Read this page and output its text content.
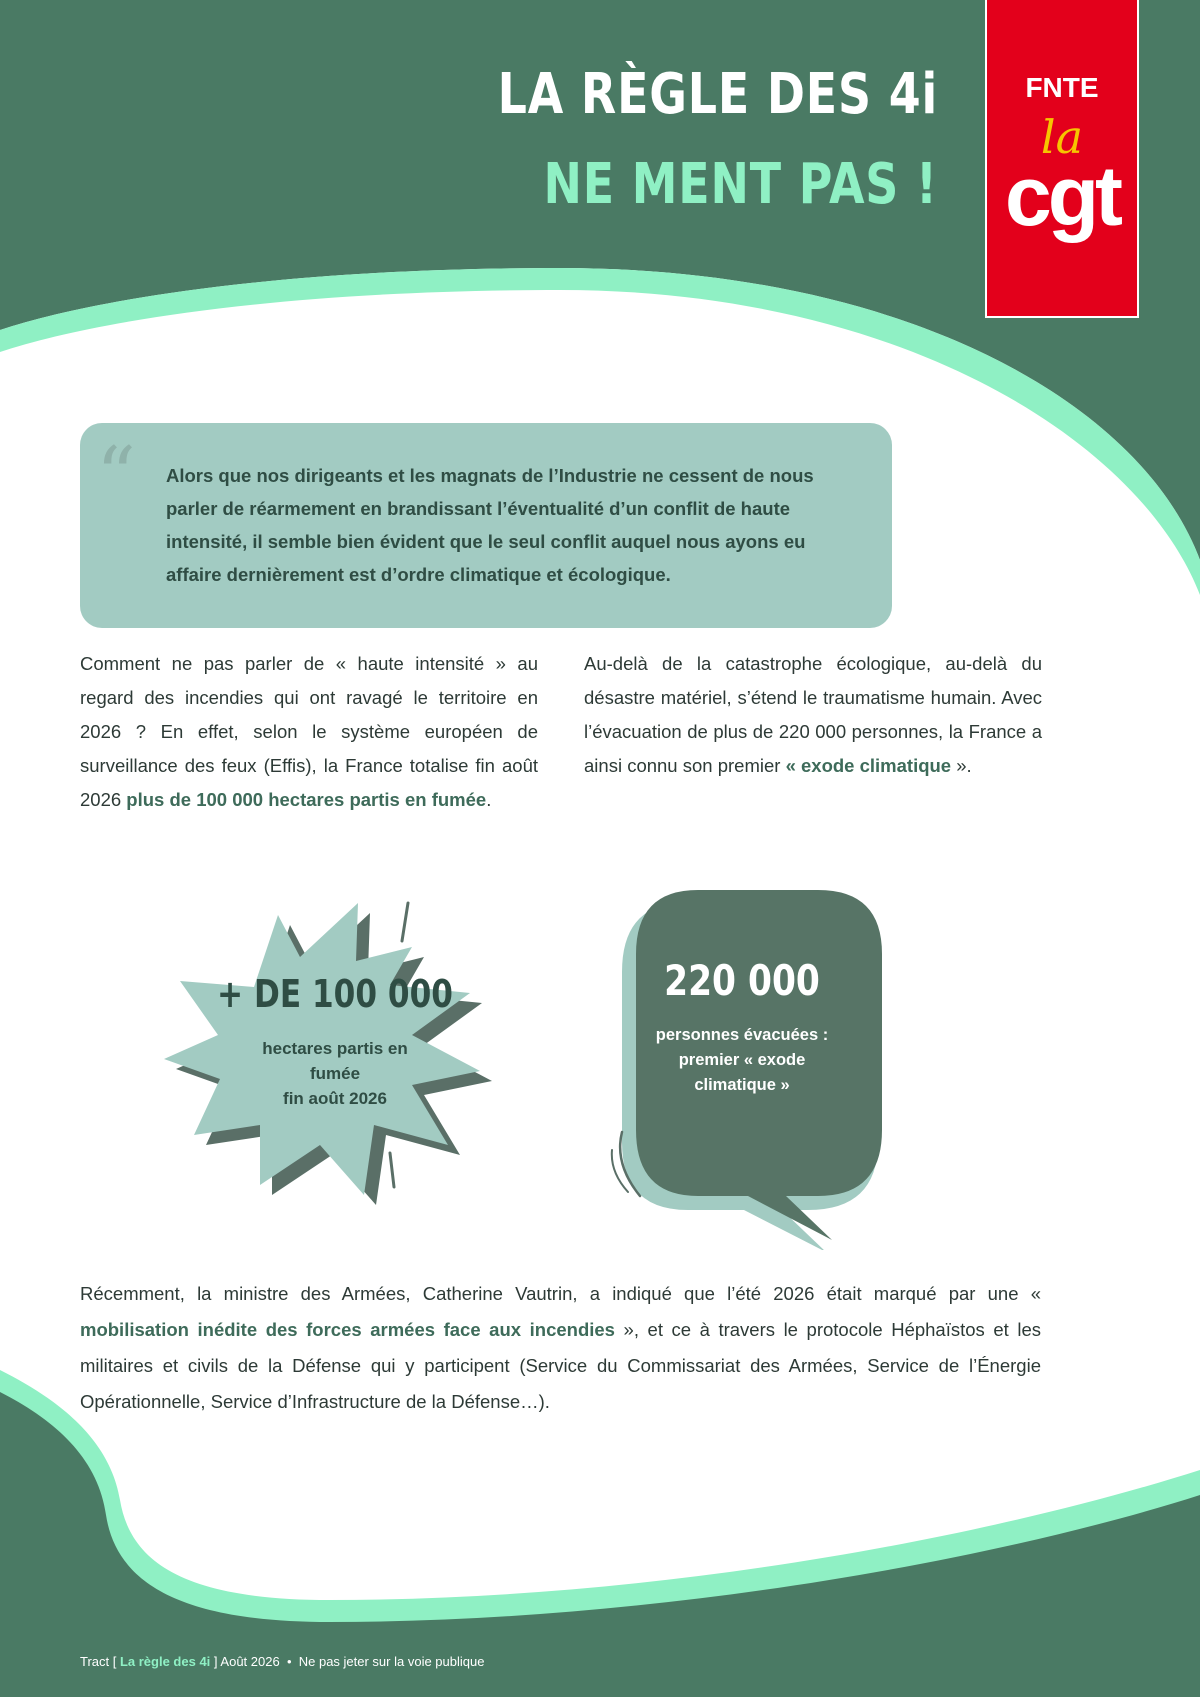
LA RÈGLE DES 4i
NE MENT PAS !
FNTE
la
cgt
“ Alors que nos dirigeants et les magnats de l’Industrie ne cessent de nous parler de réarmement en brandissant l’éventualité d’un conflit de haute intensité, il semble bien évident que le seul conflit auquel nous ayons eu affaire dernièrement est d’ordre climatique et écologique.

Comment ne pas parler de « haute intensité » au regard des incendies qui ont ravagé le territoire en 2026 ? En effet, selon le système européen de surveillance des feux (Effis), la France totalise fin août 2026 plus de 100 000 hectares partis en fumée.

Au-delà de la catastrophe écologique, au-delà du désastre matériel, s’étend le traumatisme humain. Avec l’évacuation de plus de 220 000 personnes, la France a ainsi connu son premier « exode climatique ».

+ DE 100 000

hectares partis en
fumée
fin août 2026

220 000

personnes évacuées :
premier « exode
climatique »

Récemment, la ministre des Armées, Catherine Vautrin, a indiqué que l’été 2026 était marqué par une « mobilisation inédite des forces armées face aux incendies », et ce à travers le protocole Héphaïstos et les militaires et civils de la Défense qui y participent (Service du Commissariat des Armées, Service de l’Énergie Opérationnelle, Service d’Infrastructure de la Défense…).

Tract [ La règle des 4i ] Août 2026 • Ne pas jeter sur la voie publique
